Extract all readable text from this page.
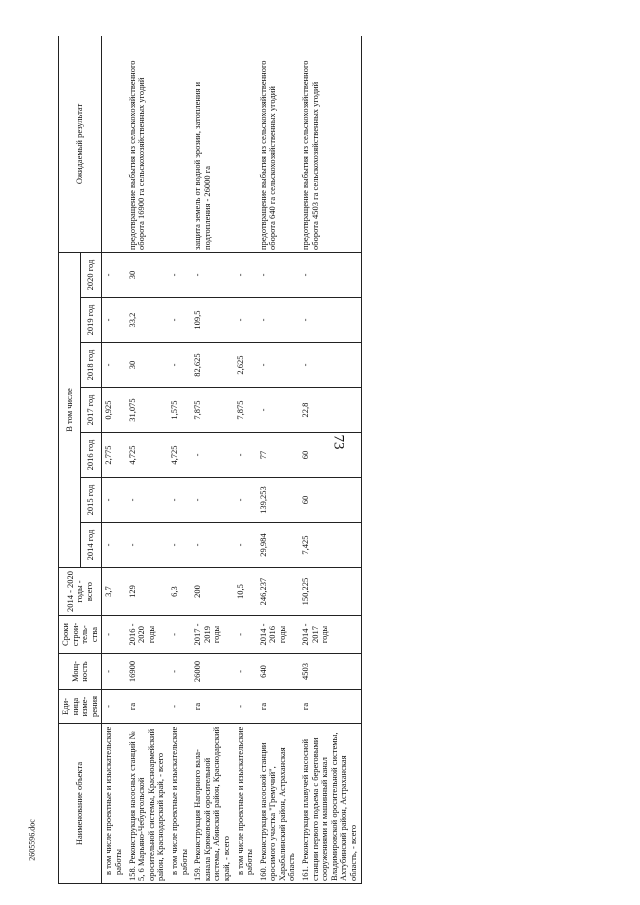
73
Наименование объекта	Еди-ница изме-рения	Мощ-ность	Сроки строи-тель-ства	2014 - 2020 годы - всего	В том числе							Ожидаемый результат
					2014 год	2015 год	2016 год	2017 год	2018 год	2019 год	2020 год	
в том числе проектные и изыскательские работы	-	-	-	3,7	-	-	2,775	0,925	-	-	-	
158. Реконструкция насосных станций № 5, 6 Марьяно-Чебургольской оросительной системы, Красноармейский район, Краснодарский край, - всего	га	16900	2016 - 2020 годы	129	-	-	4,725	31,075	30	33,2	30	предотвращение выбытия из сельскохозяйственного оборота 16900 га сельскохозяйственных угодий
в том числе проектные и изыскательские работы	-	-	-	6,3	-	-	4,725	1,575	-	-	-	
159. Реконструкция Нагорного вала-канала Крюковской оросительной системы, Абинский район, Краснодарский край, - всего	га	26000	2017 - 2019 годы	200	-	-	-	7,875	82,625	109,5	-	защита земель от водной эрозии, затопления и подтопления - 26000 га
в том числе проектные и изыскательские работы	-	-	-	10,5	-	-	-	7,875	2,625	-	-	
160. Реконструкция насосной станции оросимого участка "Гремучий", Харабалинский район, Астраханская область	га	640	2014 - 2016 годы	246,237	29,984	139,253	77	-	-	-	-	предотвращение выбытия из сельскохозяйственного оборота 640 га сельскохозяйственных угодий
161. Реконструкция плавучей насосной станции первого подъема с береговыми сооружениями и машинный канал Владимировской оросительной системы, Ахтубинский район, Астраханская область, - всего	га	4503	2014 - 2017 годы	150,225	7,425	60	60	22,8	-	-	-	предотвращение выбытия из сельскохозяйственного оборота 4503 га сельскохозяйственных угодий
2605596.doc
